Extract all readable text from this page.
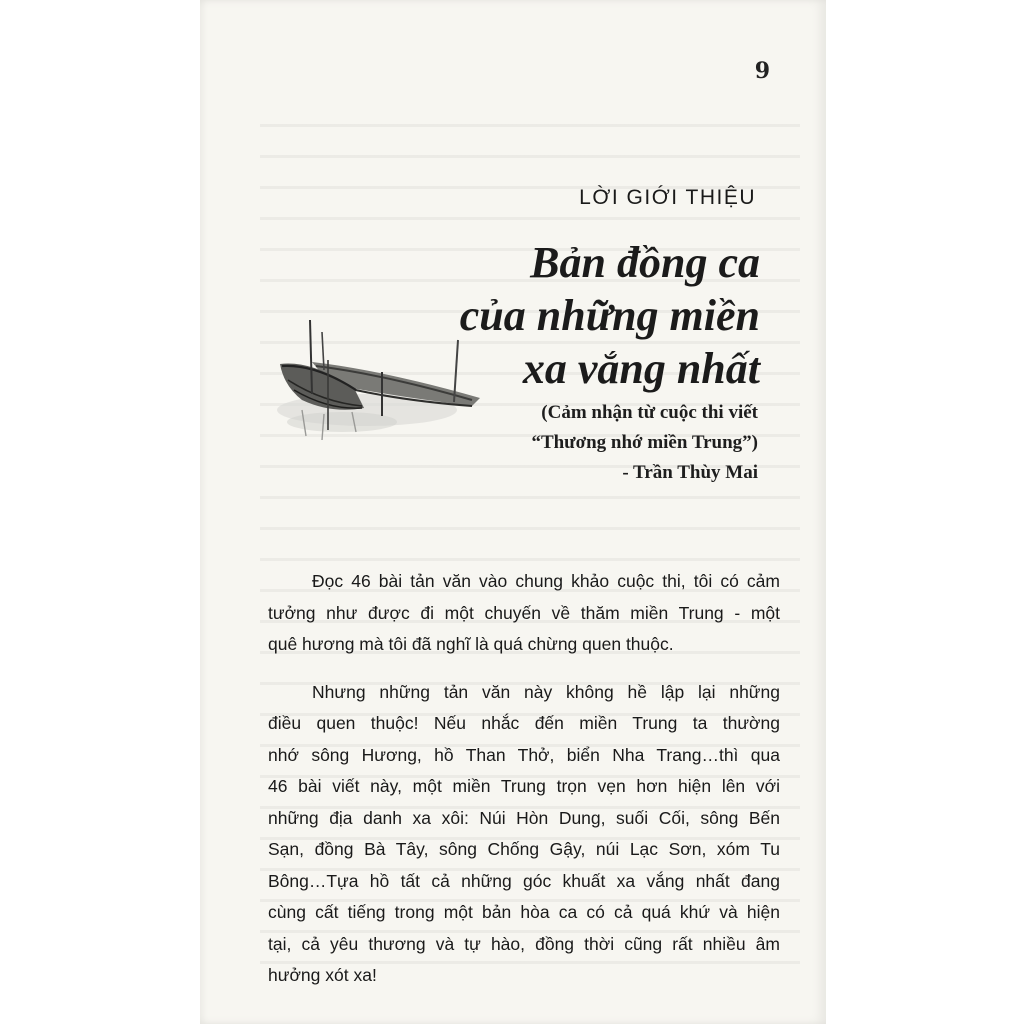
9
LỜI GIỚI THIỆU
Bản đồng ca
của những miền
xa vắng nhất
(Cảm nhận từ cuộc thi viết
“Thương nhớ miền Trung”)
- Trần Thùy Mai

Đọc 46 bài tản văn vào chung khảo cuộc thi, tôi có cảm
tưởng như được đi một chuyến về thăm miền Trung - một
quê hương mà tôi đã nghĩ là quá chừng quen thuộc.

Nhưng những tản văn này không hề lập lại những
điều quen thuộc! Nếu nhắc đến miền Trung ta thường
nhớ sông Hương, hồ Than Thở, biển Nha Trang…thì qua
46 bài viết này, một miền Trung trọn vẹn hơn hiện lên với
những địa danh xa xôi: Núi Hòn Dung, suối Cối, sông Bến
Sạn, đồng Bà Tây, sông Chống Gậy, núi Lạc Sơn, xóm Tu
Bông…Tựa hồ tất cả những góc khuất xa vắng nhất đang
cùng cất tiếng trong một bản hòa ca có cả quá khứ và hiện
tại, cả yêu thương và tự hào, đồng thời cũng rất nhiều âm
hưởng xót xa!
